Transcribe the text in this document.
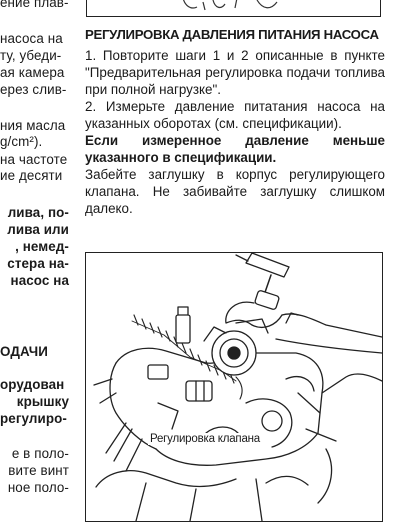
ение плав-
насоса на
ту, убеди-
ая камера
ерез слив-
ния масла
g/cm²).
на частоте
ие десяти
лива, по-
лива или
, немед-
стера на-
насос на
ОДАЧИ
орудован
крышку
регулиро-
е в поло-
вите винт
ное поло-
РЕГУЛИРОВКА ДАВЛЕНИЯ ПИТАНИЯ НАСОСА

1. Повторите шаги 1 и 2 описанные в пункте "Предварительная регулировка подачи топлива при полной нагрузке".

2. Измерьте давление питатания насоса на указанных оборотах (см. спецификации).

Если измеренное давление меньше указанного в спецификации.

Забейте заглушку в корпус регулирующего клапана. Не забивайте заглушку слишком далеко.

Регулировка клапана
